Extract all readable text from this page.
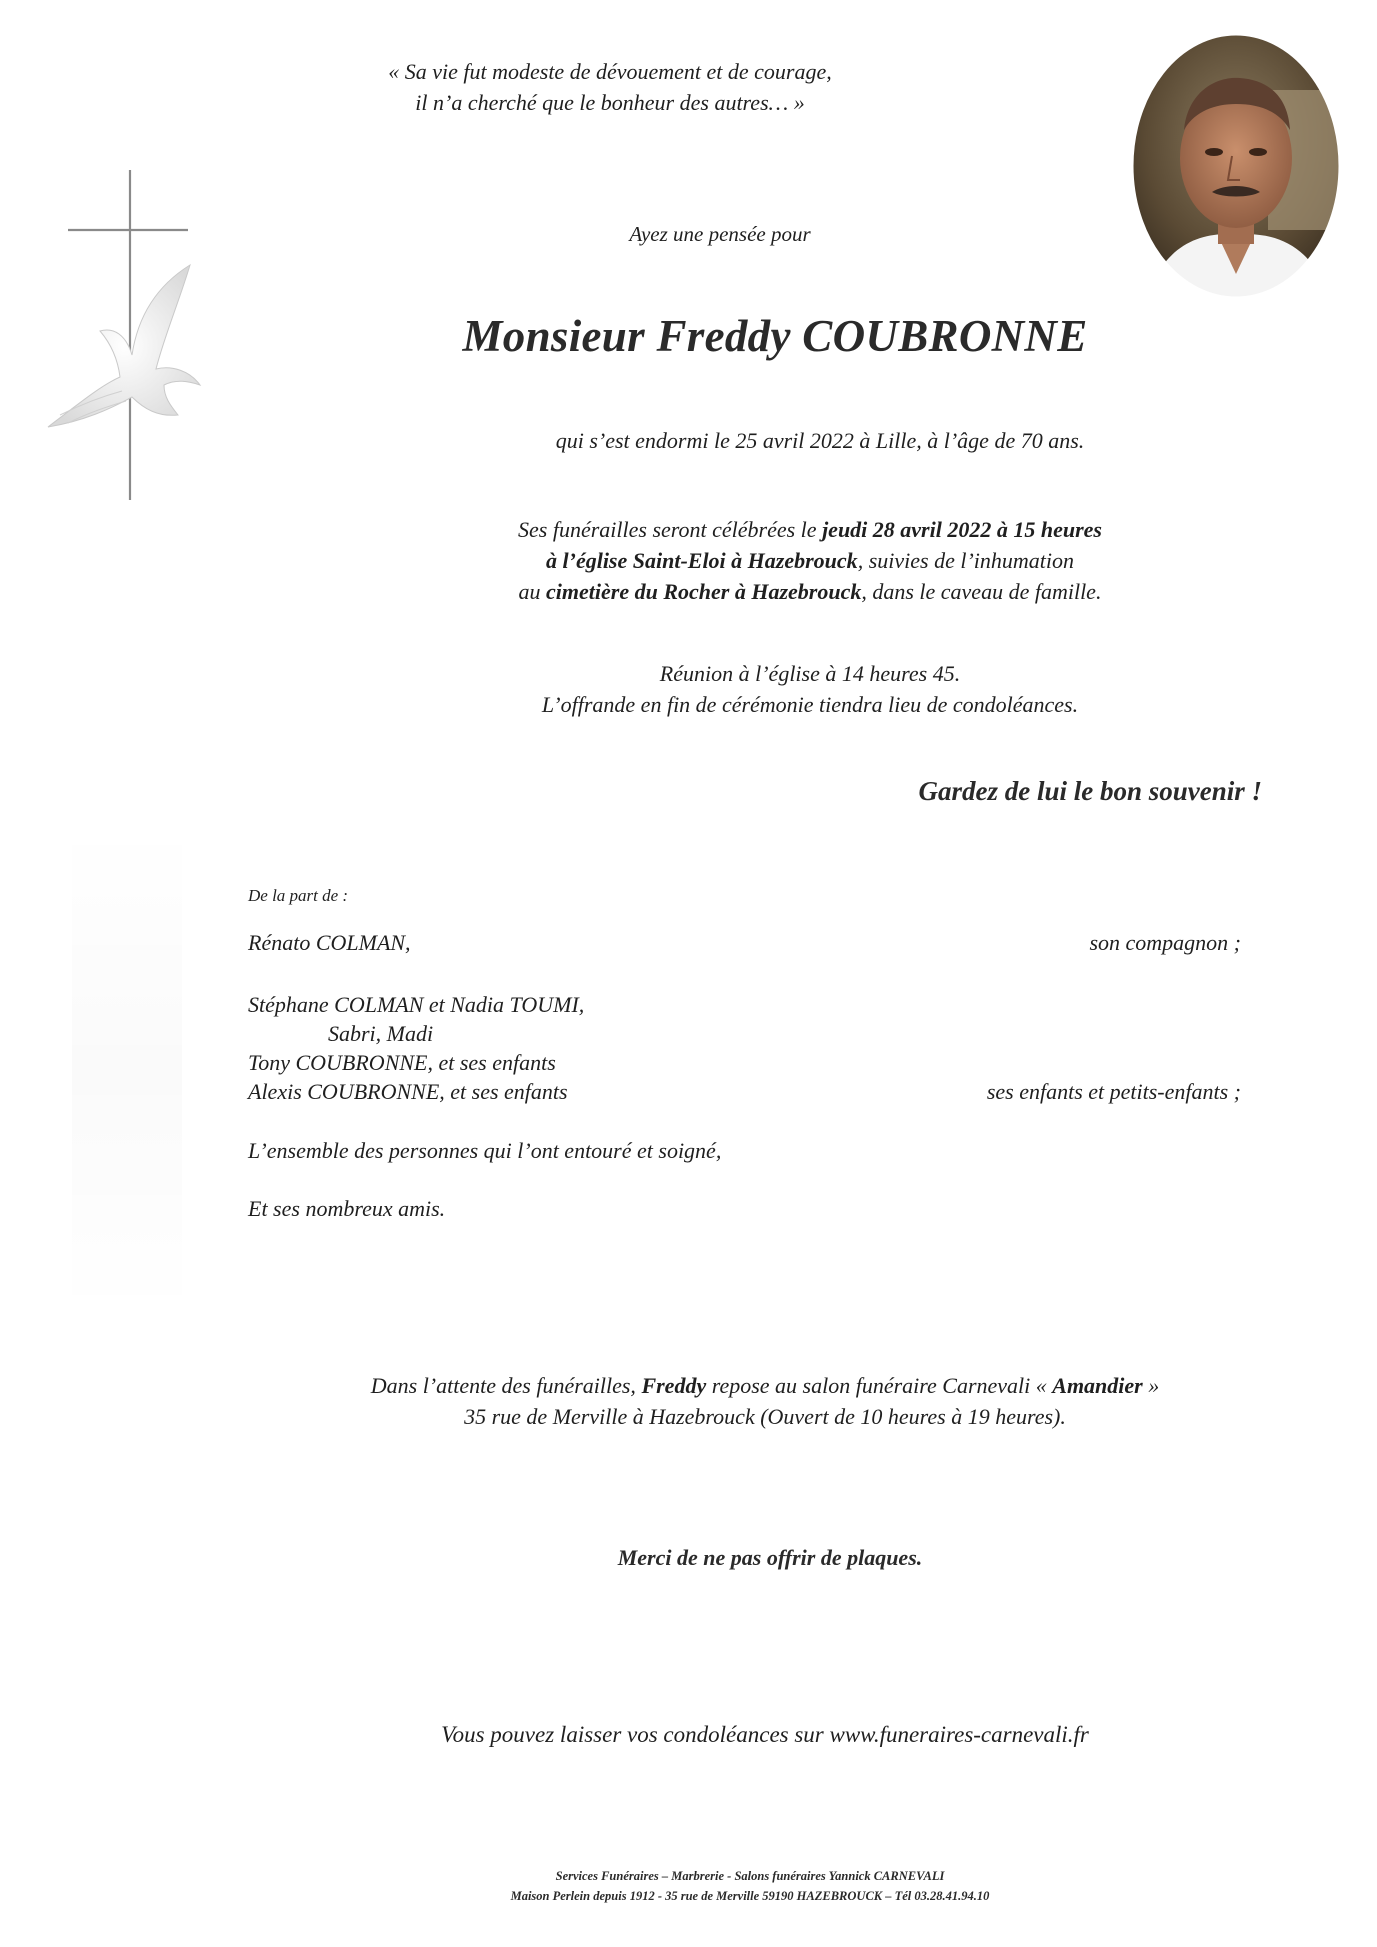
« Sa vie fut modeste de dévouement et de courage,
il n’a cherché que le bonheur des autres… »
Ayez une pensée pour
Monsieur Freddy COUBRONNE
qui s’est endormi le 25 avril 2022 à Lille, à l’âge de 70 ans.
Ses funérailles seront célébrées le jeudi 28 avril 2022 à 15 heures
à l’église Saint-Eloi à Hazebrouck, suivies de l’inhumation
au cimetière du Rocher à Hazebrouck, dans le caveau de famille.
Réunion à l’église à 14 heures 45.
L’offrande en fin de cérémonie tiendra lieu de condoléances.
Gardez de lui le bon souvenir !
De la part de :
Rénato COLMAN,	son compagnon ;
Stéphane COLMAN et Nadia TOUMI,
Sabri, Madi
Tony COUBRONNE, et ses enfants
Alexis COUBRONNE, et ses enfants	ses enfants et petits-enfants ;
L’ensemble des personnes qui l’ont entouré et soigné,
Et ses nombreux amis.
Dans l’attente des funérailles, Freddy repose au salon funéraire Carnevali « Amandier »
35 rue de Merville à Hazebrouck (Ouvert de 10 heures à 19 heures).
Merci de ne pas offrir de plaques.
Vous pouvez laisser vos condoléances sur www.funeraires-carnevali.fr
Services Funéraires – Marbrerie - Salons funéraires Yannick CARNEVALI
Maison Perlein depuis 1912 - 35 rue de Merville 59190 HAZEBROUCK – Tél 03.28.41.94.10
